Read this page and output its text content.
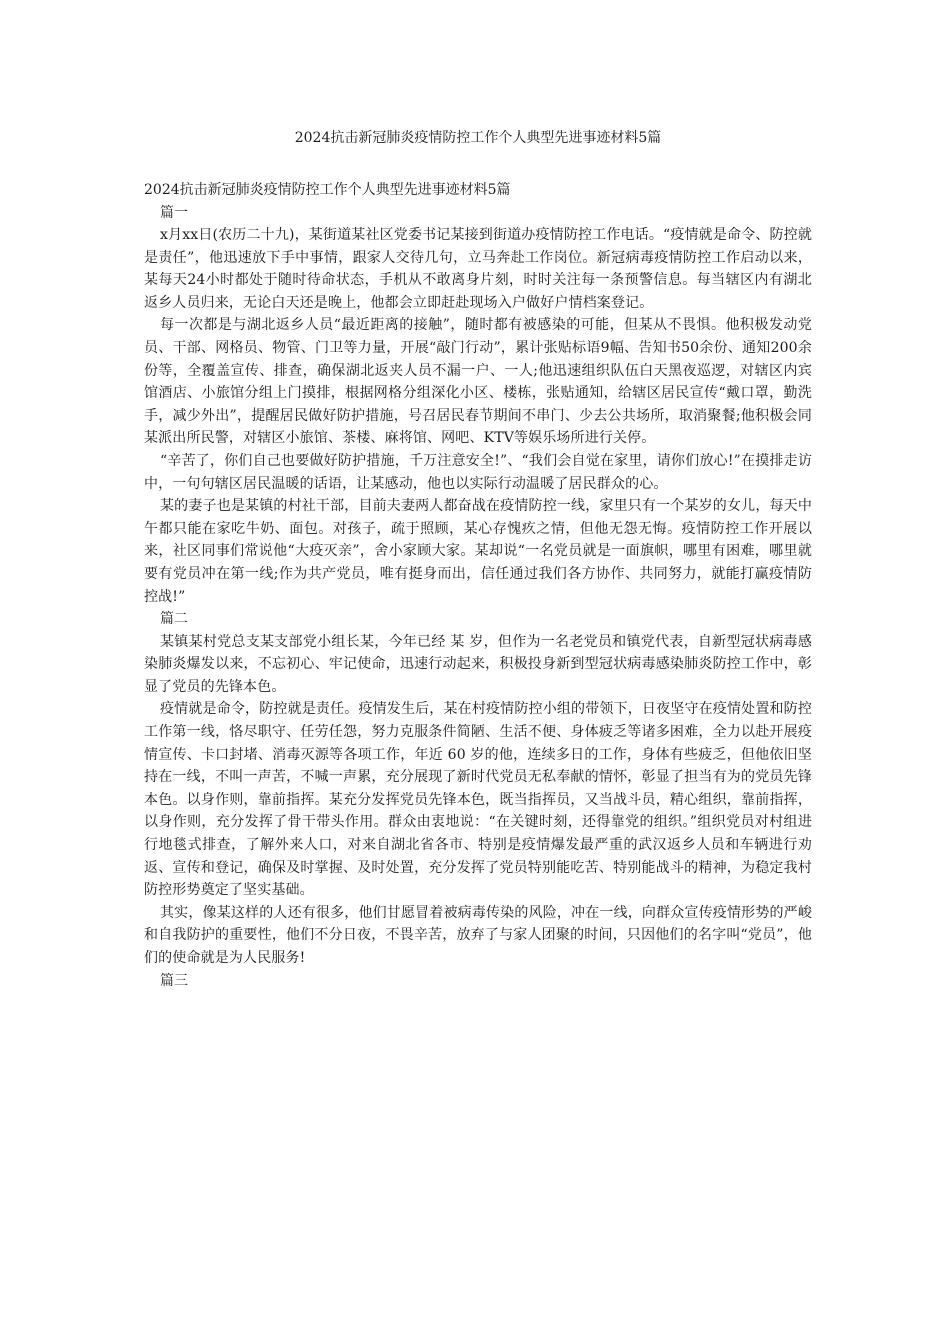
2024抗击新冠肺炎疫情防控工作个人典型先进事迹材料5篇

2024抗击新冠肺炎疫情防控工作个人典型先进事迹材料5篇

篇一

x月xx日(农历二十九)，某街道某社区党委书记某接到街道办疫情防控工作电话。“疫情就是命令、防控就是责任”，他迅速放下手中事情，跟家人交待几句，立马奔赴工作岗位。新冠病毒疫情防控工作启动以来，某每天24小时都处于随时待命状态，手机从不敢离身片刻，时时关注每一条预警信息。每当辖区内有湖北返乡人员归来，无论白天还是晚上，他都会立即赶赴现场入户做好户情档案登记。

每一次都是与湖北返乡人员“最近距离的接触”，随时都有被感染的可能，但某从不畏惧。他积极发动党员、干部、网格员、物管、门卫等力量，开展“敲门行动”，累计张贴标语9幅、告知书50余份、通知200余份等，全覆盖宣传、排查，确保湖北返夹人员不漏一户、一人;他迅速组织队伍白天黑夜巡逻，对辖区内宾馆酒店、小旅馆分组上门摸排，根据网格分组深化小区、楼栋，张贴通知，给辖区居民宣传“戴口罩，勤洗手，减少外出”，提醒居民做好防护措施，号召居民春节期间不串门、少去公共场所，取消聚餐;他积极会同某派出所民警，对辖区小旅馆、茶楼、麻将馆、网吧、KTV等娱乐场所进行关停。

“辛苦了，你们自己也要做好防护措施，千万注意安全!”、“我们会自觉在家里，请你们放心!”在摸排走访中，一句句辖区居民温暖的话语，让某感动，他也以实际行动温暖了居民群众的心。

某的妻子也是某镇的村社干部，目前夫妻两人都奋战在疫情防控一线，家里只有一个某岁的女儿，每天中午都只能在家吃牛奶、面包。对孩子，疏于照顾，某心存愧疚之情，但他无怨无悔。疫情防控工作开展以来，社区同事们常说他“大疫灭亲”，舍小家顾大家。某却说“一名党员就是一面旗帜，哪里有困难，哪里就要有党员冲在第一线;作为共产党员，唯有挺身而出，信任通过我们各方协作、共同努力，就能打赢疫情防控战!”

篇二

某镇某村党总支某支部党小组长某，今年已经 某 岁，但作为一名老党员和镇党代表，自新型冠状病毒感染肺炎爆发以来，不忘初心、牢记使命，迅速行动起来，积极投身新到型冠状病毒感染肺炎防控工作中，彰显了党员的先锋本色。

疫情就是命令，防控就是责任。疫情发生后，某在村疫情防控小组的带领下，日夜坚守在疫情处置和防控工作第一线，恪尽职守、任劳任怨，努力克服条件简陋、生活不便、身体疲乏等诸多困难，全力以赴开展疫情宣传、卡口封堵、消毒灭源等各项工作，年近 60 岁的他，连续多日的工作，身体有些疲乏，但他依旧坚持在一线，不叫一声苦，不喊一声累，充分展现了新时代党员无私奉献的情怀，彰显了担当有为的党员先锋本色。以身作则，靠前指挥。某充分发挥党员先锋本色，既当指挥员，又当战斗员，精心组织，靠前指挥，以身作则，充分发挥了骨干带头作用。群众由衷地说：“在关键时刻，还得靠党的组织。”组织党员对村组进行地毯式排查，了解外来人口，对来自湖北省各市、特别是疫情爆发最严重的武汉返乡人员和车辆进行劝返、宣传和登记，确保及时掌握、及时处置，充分发挥了党员特别能吃苦、特别能战斗的精神，为稳定我村防控形势奠定了坚实基础。

其实，像某这样的人还有很多，他们甘愿冒着被病毒传染的风险，冲在一线，向群众宣传疫情形势的严峻和自我防护的重要性，他们不分日夜，不畏辛苦，放弃了与家人团聚的时间，只因他们的名字叫“党员”，他们的使命就是为人民服务!

篇三
